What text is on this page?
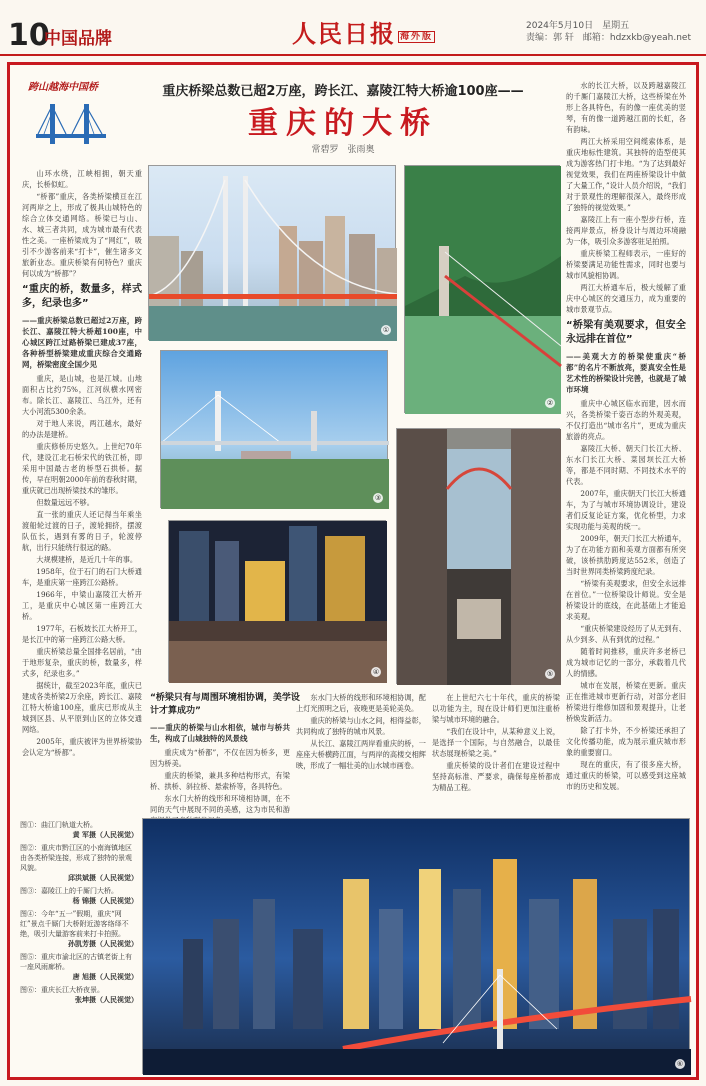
10
中国品牌	人民日报 海外版
2024年5月10日　星期五
责编：郭 轩　邮箱：hdzxkb@yeah.net
跨山越海中国桥	重庆桥梁总数已超2万座，跨长江、嘉陵江特大桥逾100座——
重庆的大桥
常碧罗　张雨奥

山环水绕，江峡相拥，朝天重庆，长桥似虹。

“桥都”重庆，各类桥梁横亘在江河两岸之上，形成了极具山城特色的综合立体交通网络。桥梁已与山、水、城三者共同，成为城市最有代表性之美。一座桥梁成为了“网红”，吸引不少游客前来“打卡”，催生诸多文旅新业态。重庆桥梁有何特色？重庆何以成为“桥都”？

“重庆的桥，数量多，样式多，纪录也多”
——重庆桥梁总数已超过2万座，跨长江、嘉陵江特大桥超100座，中心城区跨江过路桥梁已建成37座，各种桥型桥梁建成重庆综合交通路网，桥梁密度全国少见

重庆，是山城，也是江城。山地面积占比约75%，江河纵横水网密布。除长江、嘉陵江、乌江外，还有大小河流5300余条。

对于地人来说，两江越水，最好的办法是建桥。

重庆修桥历史悠久。上世纪70年代，建设江北石桥宋代的铁江桥，即采用中国最古老的桥型石拱桥。据传，早在明朝2000年前的春秋时期，重庆就已出现桥梁技术的雏形。

但数量远远不够。

直一张的重庆人还记得当年乘坐渡船轮过渡的日子，渡轮拥挤，摆渡队伍长，遇到有雾的日子，轮渡停航，出行只能绕行很远的路。

大规模建桥，是近几十年的事。

1958年，位于石门的石门大桥通车，是重庆第一座跨江公路桥。

1966年，中梁山嘉陵江大桥开工，是重庆中心城区第一座跨江大桥。

1977年，石板坡长江大桥开工，是长江中的第一座跨江公路大桥。

重庆桥梁总量全国排名居前，“由于地形复杂，重庆的桥，数量多，样式多，纪录也多。”

据统计，截至2023年底，重庆已建成各类桥梁2万余座，跨长江、嘉陵江特大桥逾100座，重庆已形成从主城到区县、从平原到山区的立体交通网络。

2005年，重庆被评为世界桥梁协会认定为“桥都”。

水的长江大桥，以及跨越嘉陵江的千厮门嘉陵江大桥，这些桥梁在外形上各具特色，有的像一座优美的竖琴，有的像一道跨越江面的长虹，各有韵味。

两江大桥采用空间缆索体系，是重庆地标性建筑。其独特的造型使其成为游客热门打卡地。“为了达到最好视觉效果，我们在两座桥梁设计中做了大量工作，”设计人员介绍说，“我们对于景观性的理解很深入，最终形成了独特的视觉效果。”

嘉陵江上有一座小型步行桥，连接两岸景点，桥身设计与周边环境融为一体，吸引众多游客驻足拍照。

重庆桥梁工程师表示，一座好的桥梁要满足功能性需求，同时也要与城市风貌相协调。

两江大桥通车后，极大缓解了重庆中心城区的交通压力，成为重要的城市景观节点。

“桥梁有美观要求，但安全永远排在首位”
——美观大方的桥梁使重庆“桥都”的名片不断放亮，要真安全性是艺术性的桥梁设计完善，也就是了城市环境

重庆中心城区临水而建，因水而兴，各类桥梁千姿百态的外观美观，不仅打造出“城市名片”，更成为重庆旅游的亮点。

嘉陵江大桥、朝天门长江大桥、东水门长江大桥、菜园坝长江大桥等，都是不同时期、不同技术水平的代表。

2007年，重庆朝天门长江大桥通车，为了与城市环境协调设计，建设者们反复论证方案，优化桥型，力求实现功能与美观的统一。

2009年，朝天门长江大桥通车，为了在功能方面和美观方面都有所突破，该桥拱肋跨度达552米，创造了当时世界同类桥梁跨度纪录。

“桥梁有美观要求，但安全永远排在首位。”一位桥梁设计师说。安全是桥梁设计的底线，在此基础上才能追求美观。

“重庆桥梁建设经历了从无到有、从少到多、从有到优的过程。”

随着时间推移，重庆许多老桥已成为城市记忆的一部分，承载着几代人的情感。

城市在发展，桥梁在更新。重庆正在推进城市更新行动，对部分老旧桥梁进行维修加固和景观提升，让老桥焕发新活力。

除了打卡外，不少桥梁还承担了文化传播功能，成为展示重庆城市形象的重要窗口。

现在的重庆，有了很多座大桥，通过重庆的桥梁，可以感受到这座城市的历史和发展。

①
②
③
④	⑤
“桥梁只有与周围环境相协调，美学设计才算成功”
——重庆的桥梁与山水相依，城市与桥共生，构成了山城独特的风景线

重庆成为“桥都”，不仅在因为桥多，更因为桥美。

重庆的桥梁，兼具多种结构形式，有梁桥、拱桥、斜拉桥、悬索桥等，各具特色。

东水门大桥的线形和环境相协调，在不同的天气中展现不同的美感，这为市民和游

东水门大桥的线形和环境相协调，配上灯光照明之后，夜晚更是美轮美奂。

重庆的桥梁与山水之间，相得益彰，共同构成了独特的城市风景。

从长江、嘉陵江两岸看重庆的桥，一座座大桥横跨江面，与两岸的高楼交相辉映，形成了一幅壮美的山水城市画卷。

在上世纪六七十年代，重庆的桥梁以功能为主，现在设计师们更加注重桥梁与城市环境的融合。

“我们在设计中，从某种意义上说，是选择一个国际，与自然融合，以最佳状态展现桥梁之美。”

重庆桥梁的设计者们在建设过程中坚持高标准、严要求，确保每座桥都成为精品工程。

图①：曲江门轨道大桥。
黄 军摄（人民视觉）
图②：重庆市黔江区的小南海镇地区由各类桥梁连接，形成了独特的景观风貌。
邱洪斌摄（人民视觉）
图③：嘉陵江上的千厮门大桥。
杨 锦摄（人民视觉）
图④：今年“五一”假期，重庆“网红”景点千厮门大桥附近游客络绎不绝，吸引大量游客前来打卡拍照。
孙凯芳摄（人民视觉）
图⑤：重庆市渝北区的古镇老街上有一座风雨廊桥。
唐 旭摄（人民视觉）
图⑥：重庆长江大桥夜景。
张坤摄（人民视觉）
⑥
